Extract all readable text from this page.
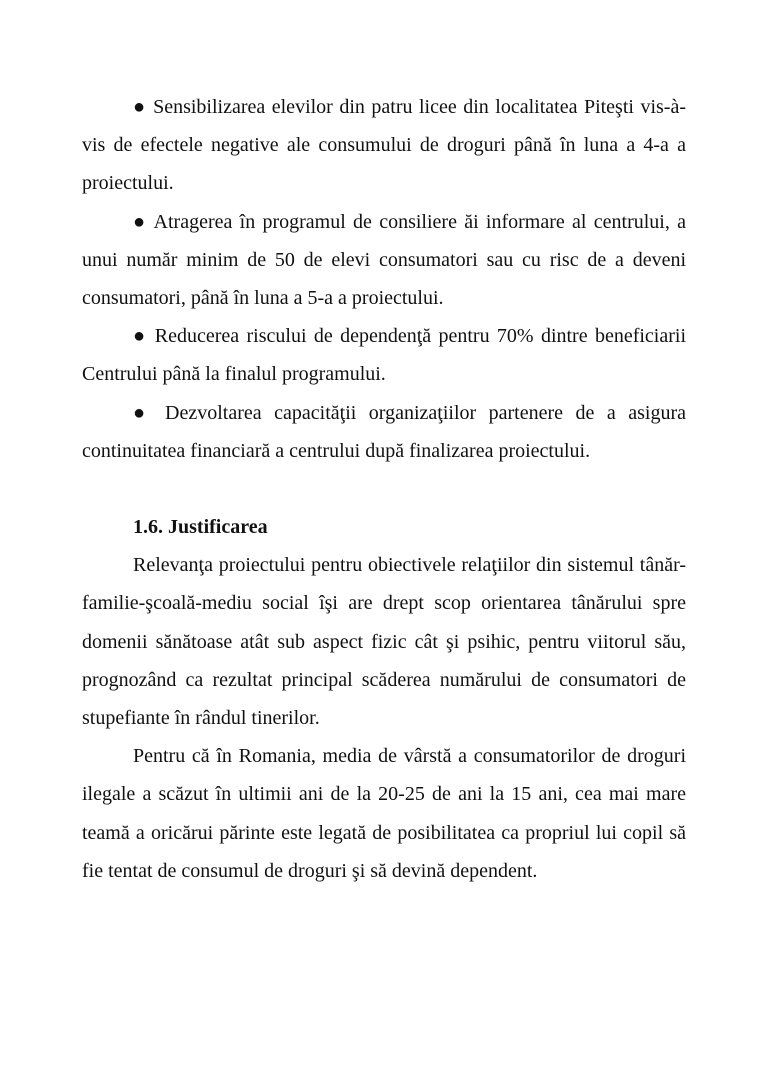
● Sensibilizarea elevilor din patru licee din localitatea Piteşti vis-à-vis de efectele negative ale consumului de droguri până în luna a 4-a a proiectului.

● Atragerea în programul de consiliere ăi informare al centrului, a unui număr minim de 50 de elevi consumatori sau cu risc de a deveni consumatori, până în luna a 5-a a proiectului.

● Reducerea riscului de dependenţă pentru 70% dintre beneficiarii Centrului până la finalul programului.

● Dezvoltarea capacităţii organizaţiilor partenere de a asigura continuitatea financiară a centrului după finalizarea proiectului.

1.6. Justificarea

Relevanţa proiectului pentru obiectivele relaţiilor din sistemul tânăr-familie-şcoală-mediu social îşi are drept scop orientarea tânărului spre domenii sănătoase atât sub aspect fizic cât şi psihic, pentru viitorul său, prognozând ca rezultat principal scăderea numărului de consumatori de stupefiante în rândul tinerilor.

Pentru că în Romania, media de vârstă a consumatorilor de droguri ilegale a scăzut în ultimii ani de la 20-25 de ani la 15 ani, cea mai mare teamă a oricărui părinte este legată de posibilitatea ca propriul lui copil să fie tentat de consumul de droguri şi să devină dependent.
